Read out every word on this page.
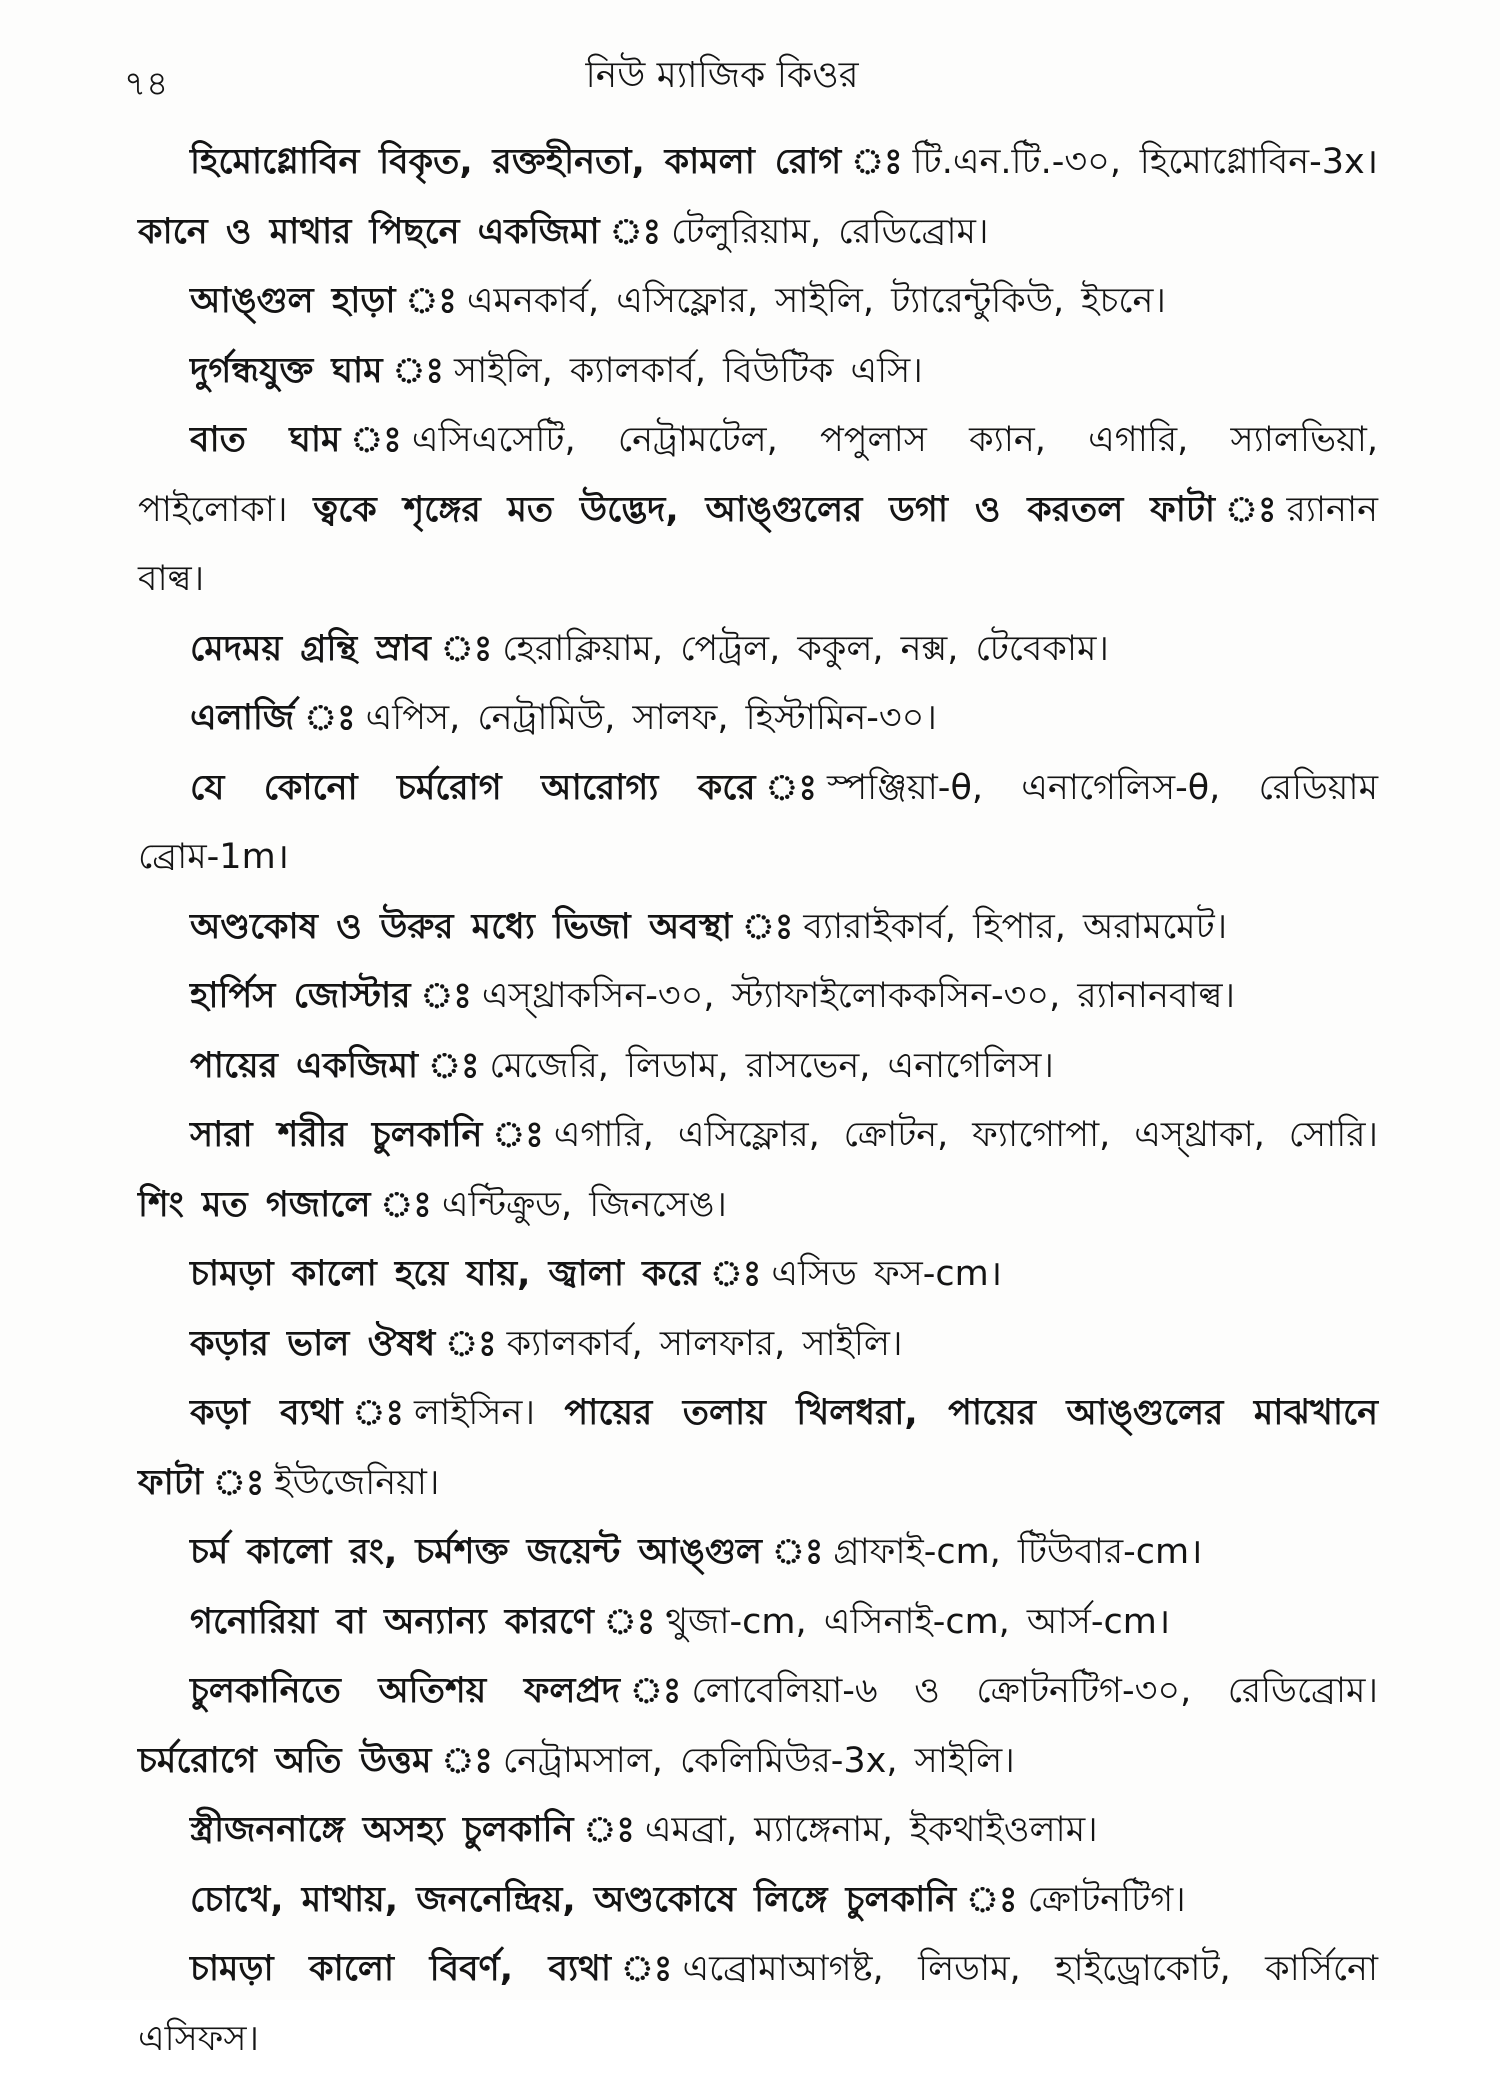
৭৪	নিউ ম্যাজিক কিওর

হিমোগ্লোবিন বিকৃত, রক্তহীনতা, কামলা রোগ ঃ টি.এন.টি.-৩০, হিমোগ্লোবিন-3x। কানে ও মাথার পিছনে একজিমা ঃ টেলুরিয়াম, রেডিব্রোম।

আঙ্গুল হাড়া ঃ এমনকার্ব, এসিফ্লোর, সাইলি, ট্যারেন্টুকিউ, ইচনে।

দুর্গন্ধযুক্ত ঘাম ঃ সাইলি, ক্যালকার্ব, বিউটিক এসি।

বাত ঘাম ঃ এসিএসেটি, নেট্রামটেল, পপুলাস ক্যান, এগারি, স্যালভিয়া, পাইলোকা। ত্বকে শৃঙ্গের মত উদ্ভেদ, আঙ্গুলের ডগা ও করতল ফাটা ঃ র‍্যানান বাল্ব।

মেদময় গ্রন্থি স্রাব ঃ হেরাক্লিয়াম, পেট্রল, ককুল, নক্স, টেবেকাম।

এলার্জি ঃ এপিস, নেট্রামিউ, সালফ, হিস্টামিন-৩০।

যে কোনো চর্মরোগ আরোগ্য করে ঃ স্পঞ্জিয়া-θ, এনাগেলিস-θ, রেডিয়াম ব্রোম-1m।

অণ্ডকোষ ও উরুর মধ্যে ভিজা অবস্থা ঃ ব্যারাইকার্ব, হিপার, অরামমেট।

হার্পিস জোস্টার ঃ এস্থ্রাকসিন-৩০, স্ট্যাফাইলোককসিন-৩০, র‍্যানানবাল্ব।

পায়ের একজিমা ঃ মেজেরি, লিডাম, রাসভেন, এনাগেলিস।

সারা শরীর চুলকানি ঃ এগারি, এসিফ্লোর, ক্রোটন, ফ্যাগোপা, এস্থ্রাকা, সোরি। শিং মত গজালে ঃ এন্টিক্রুড, জিনসেঙ।

চামড়া কালো হয়ে যায়, জ্বালা করে ঃ এসিড ফস-cm।

কড়ার ভাল ঔষধ ঃ ক্যালকার্ব, সালফার, সাইলি।

কড়া ব্যথা ঃ লাইসিন। পায়ের তলায় খিলধরা, পায়ের আঙ্গুলের মাঝখানে ফাটা ঃ ইউজেনিয়া।

চর্ম কালো রং, চর্মশক্ত জয়েন্ট আঙ্গুল ঃ গ্রাফাই-cm, টিউবার-cm।

গনোরিয়া বা অন্যান্য কারণে ঃ থুজা-cm, এসিনাই-cm, আর্স-cm।

চুলকানিতে অতিশয় ফলপ্রদ ঃ লোবেলিয়া-৬ ও ক্রোটনটিগ-৩০, রেডিব্রোম। চর্মরোগে অতি উত্তম ঃ নেট্রামসাল, কেলিমিউর-3x, সাইলি।

স্ত্রীজননাঙ্গে অসহ্য চুলকানি ঃ এমব্রা, ম্যাঙ্গেনাম, ইকথাইওলাম।

চোখে, মাথায়, জননেন্দ্রিয়, অণ্ডকোষে লিঙ্গে চুলকানি ঃ ক্রোটনটিগ।

চামড়া কালো বিবর্ণ, ব্যথা ঃ এব্রোমাআগষ্ট, লিডাম, হাইড্রোকোট, কার্সিনো এসিফস।
